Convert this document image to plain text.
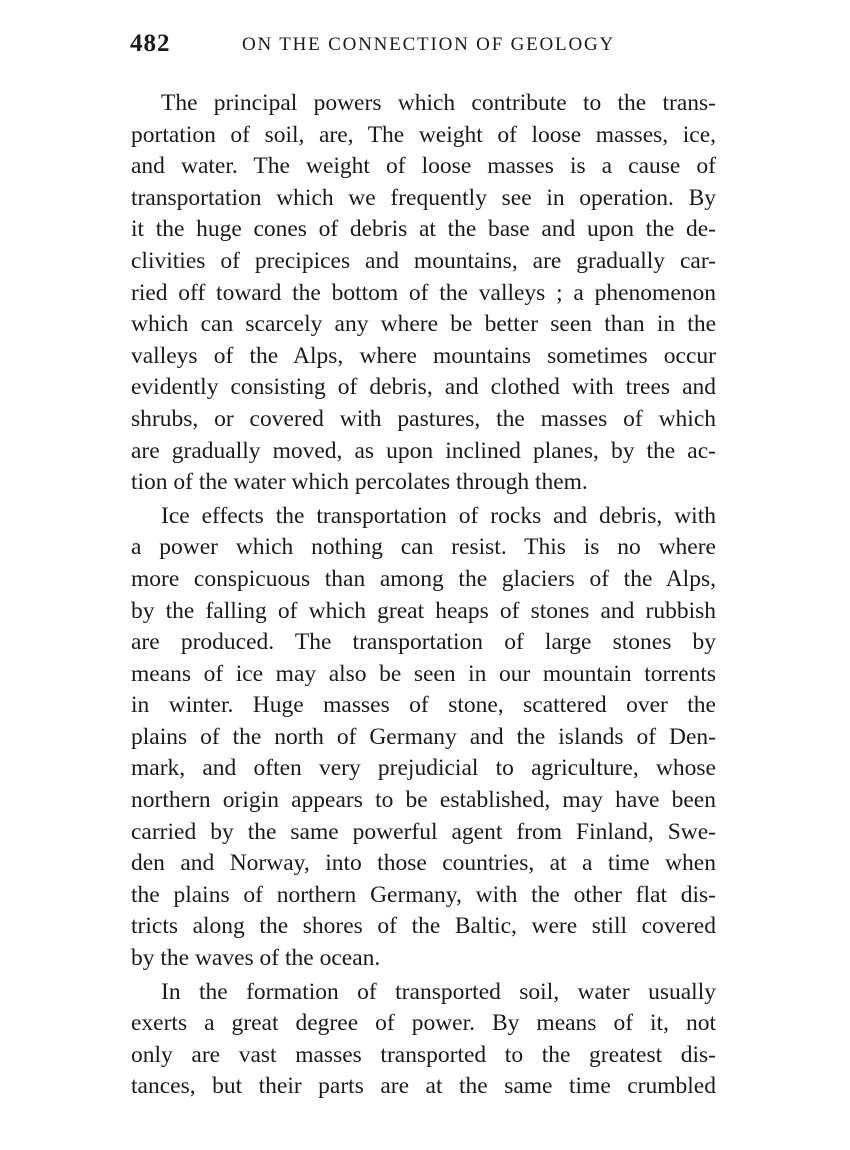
482	ON THE CONNECTION OF GEOLOGY
The principal powers which contribute to the trans-
portation of soil, are, The weight of loose masses, ice,
and water. The weight of loose masses is a cause of
transportation which we frequently see in operation. By
it the huge cones of debris at the base and upon the de-
clivities of precipices and mountains, are gradually car-
ried off toward the bottom of the valleys ; a phenomenon
which can scarcely any where be better seen than in the
valleys of the Alps, where mountains sometimes occur
evidently consisting of debris, and clothed with trees and
shrubs, or covered with pastures, the masses of which
are gradually moved, as upon inclined planes, by the ac-
tion of the water which percolates through them.
Ice effects the transportation of rocks and debris, with
a power which nothing can resist. This is no where
more conspicuous than among the glaciers of the Alps,
by the falling of which great heaps of stones and rubbish
are produced. The transportation of large stones by
means of ice may also be seen in our mountain torrents
in winter. Huge masses of stone, scattered over the
plains of the north of Germany and the islands of Den-
mark, and often very prejudicial to agriculture, whose
northern origin appears to be established, may have been
carried by the same powerful agent from Finland, Swe-
den and Norway, into those countries, at a time when
the plains of northern Germany, with the other flat dis-
tricts along the shores of the Baltic, were still covered
by the waves of the ocean.
In the formation of transported soil, water usually
exerts a great degree of power. By means of it, not
only are vast masses transported to the greatest dis-
tances, but their parts are at the same time crumbled
